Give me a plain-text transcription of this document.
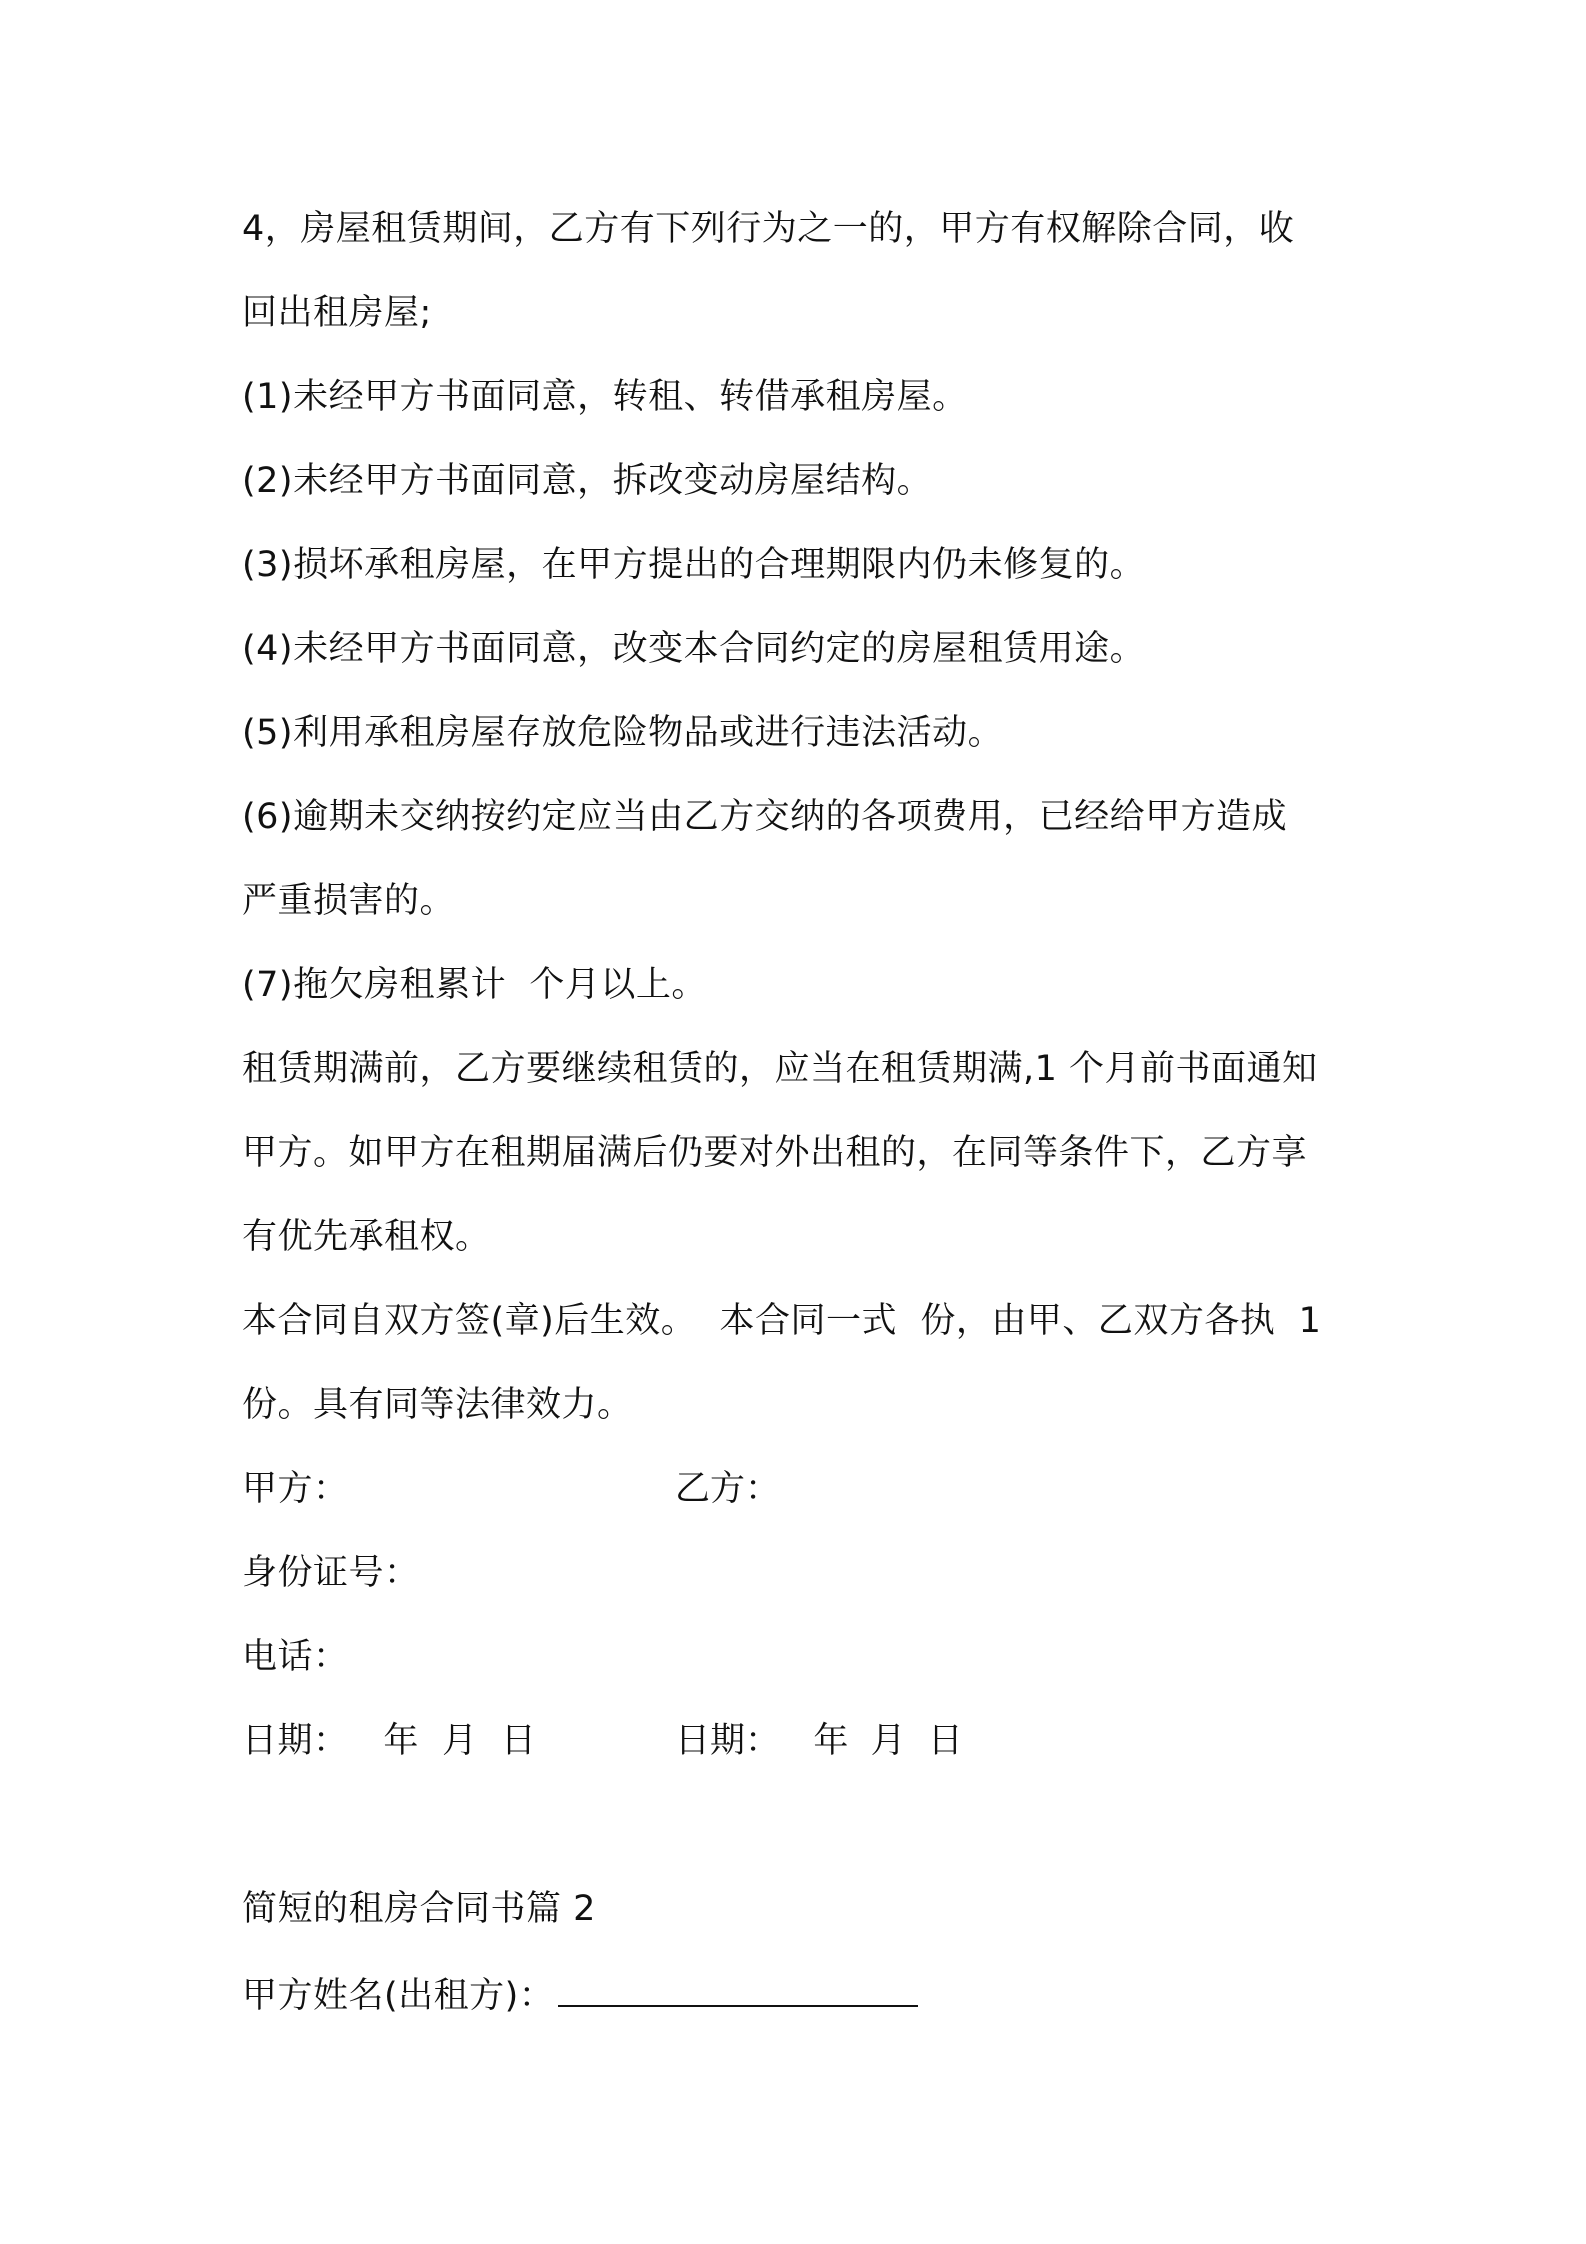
4，房屋租赁期间，乙方有下列行为之一的，甲方有权解除合同，收
回出租房屋;
(1)未经甲方书面同意，转租、转借承租房屋。
(2)未经甲方书面同意，拆改变动房屋结构。
(3)损坏承租房屋，在甲方提出的合理期限内仍未修复的。
(4)未经甲方书面同意，改变本合同约定的房屋租赁用途。
(5)利用承租房屋存放危险物品或进行违法活动。
(6)逾期未交纳按约定应当由乙方交纳的各项费用，已经给甲方造成
严重损害的。
(7)拖欠房租累计  个月以上。
租赁期满前，乙方要继续租赁的，应当在租赁期满,1 个月前书面通知
甲方。如甲方在租期届满后仍要对外出租的，在同等条件下，乙方享
有优先承租权。
本合同自双方签(章)后生效。  本合同一式  份，由甲、乙双方各执  1
份。具有同等法律效力。
甲方：	乙方：
身份证号：
电话：
日期：   年  月  日	日期：   年  月  日
简短的租房合同书篇 2
甲方姓名(出租方)：
